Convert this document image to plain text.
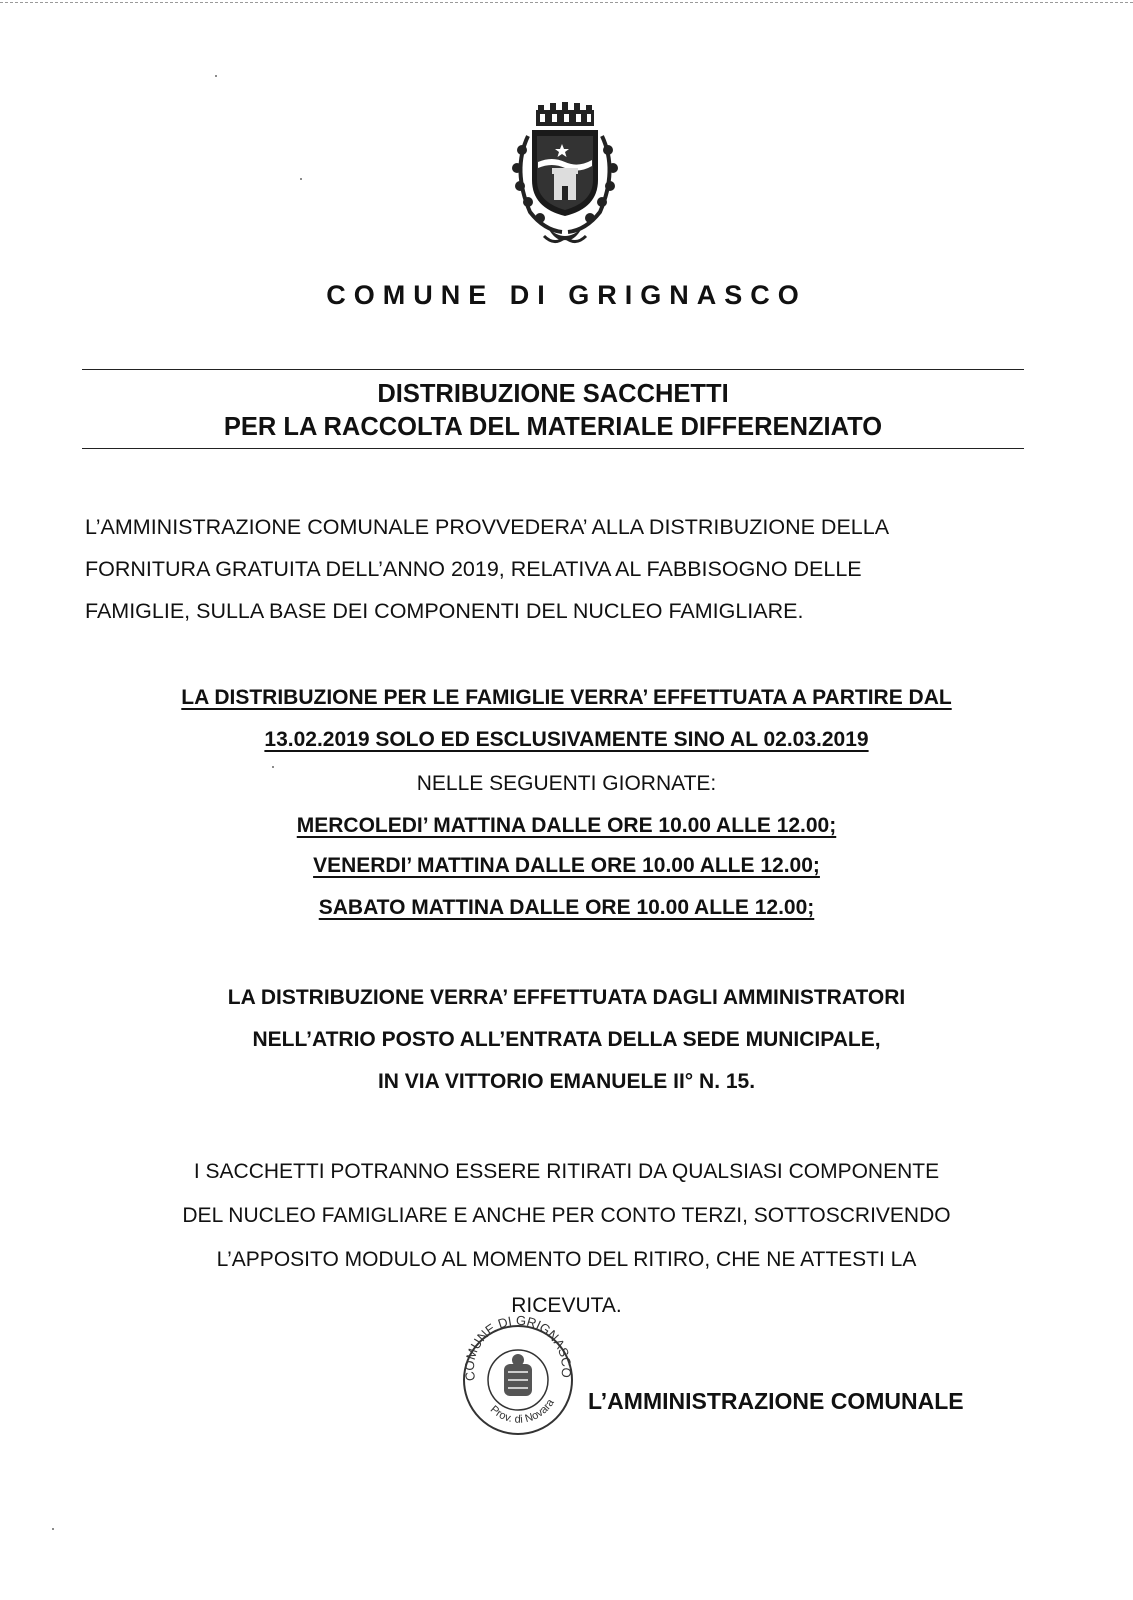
COMUNE DI GRIGNASCO
DISTRIBUZIONE SACCHETTI
PER LA RACCOLTA DEL MATERIALE DIFFERENZIATO
L’AMMINISTRAZIONE COMUNALE PROVVEDERA’ ALLA DISTRIBUZIONE DELLA
FORNITURA GRATUITA DELL’ANNO 2019, RELATIVA AL FABBISOGNO DELLE
FAMIGLIE, SULLA BASE DEI COMPONENTI DEL NUCLEO FAMIGLIARE.
LA DISTRIBUZIONE PER LE FAMIGLIE VERRA’ EFFETTUATA A PARTIRE DAL
13.02.2019 SOLO ED ESCLUSIVAMENTE SINO AL 02.03.2019
NELLE SEGUENTI GIORNATE:
MERCOLEDI’ MATTINA DALLE ORE 10.00 ALLE 12.00;
VENERDI’ MATTINA DALLE ORE 10.00 ALLE 12.00;
SABATO MATTINA DALLE ORE 10.00 ALLE 12.00;
LA DISTRIBUZIONE VERRA’ EFFETTUATA DAGLI AMMINISTRATORI
NELL’ATRIO POSTO ALL’ENTRATA DELLA SEDE MUNICIPALE,
IN VIA VITTORIO EMANUELE II° N. 15.
I SACCHETTI POTRANNO ESSERE RITIRATI DA QUALSIASI COMPONENTE
DEL NUCLEO FAMIGLIARE E ANCHE PER CONTO TERZI, SOTTOSCRIVENDO
L’APPOSITO MODULO AL MOMENTO DEL RITIRO, CHE NE ATTESTI LA
RICEVUTA.
COMUNE DI GRIGNASCO
Prov. di Novara L’AMMINISTRAZIONE COMUNALE
